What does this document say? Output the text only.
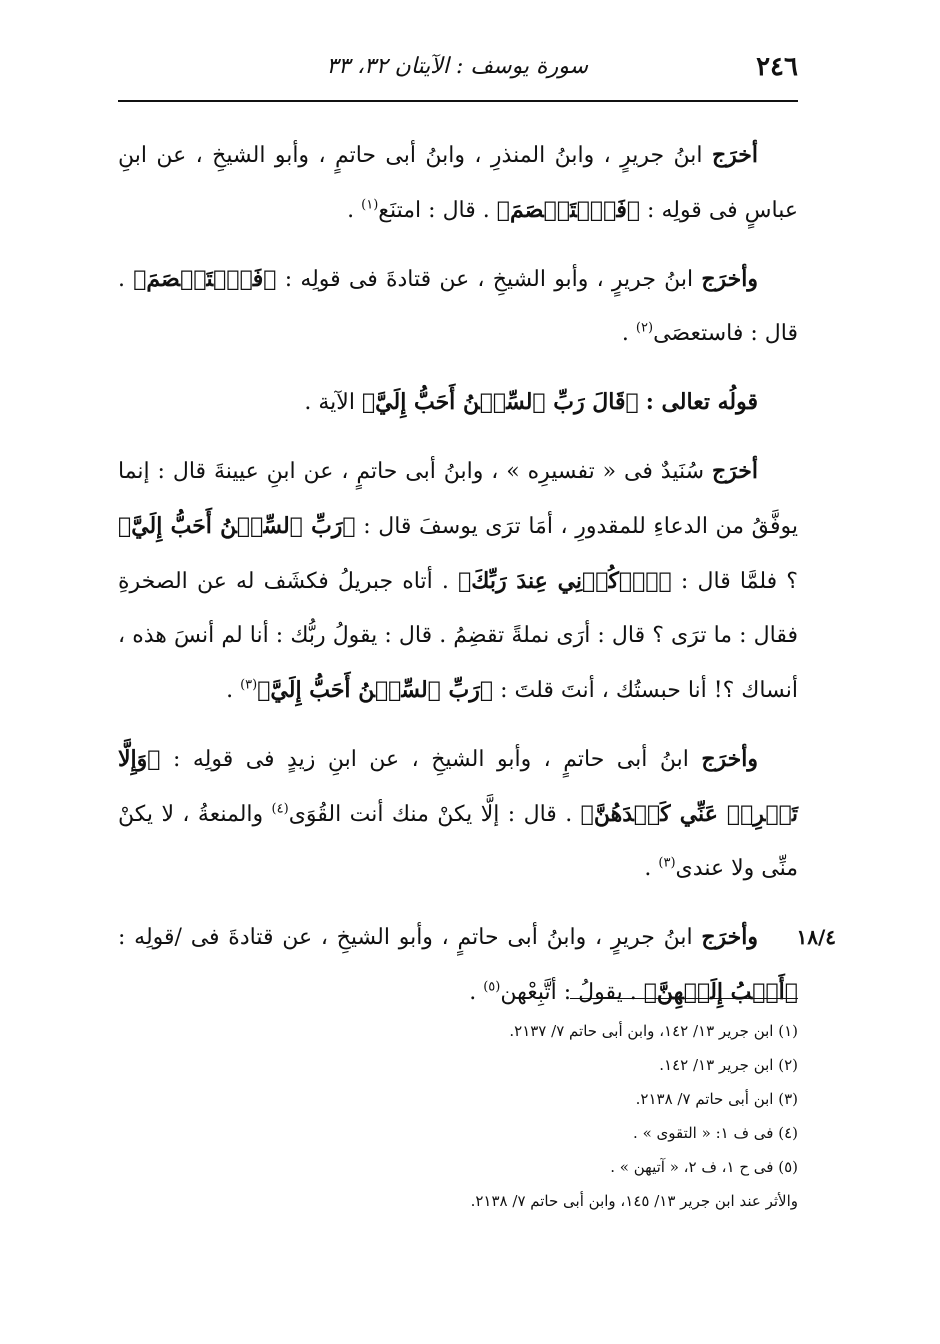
٢٤٦
سورة يوسف : الآيتان ٣٢، ٣٣

أخرَج ابنُ جريرٍ ، وابنُ المنذرِ ، وابنُ أبى حاتمٍ ، وأبو الشيخِ ، عن ابنِ عباسٍ فى قولِه : ﴿فَٱسۡتَعۡصَمَ﴾ . قال : امتنَع$^{(١)}$ .

وأخرَج ابنُ جريرٍ ، وأبو الشيخِ ، عن قتادةَ فى قولِه : ﴿فَٱسۡتَعۡصَمَ﴾ . قال : فاستعصَى$^{(٢)}$ .

قولُه تعالى : ﴿قَالَ رَبِّ ٱلسِّجۡنُ أَحَبُّ إِلَيَّ﴾ الآية .

أخرَج سُنَيدٌ فى « تفسيرِه » ، وابنُ أبى حاتمٍ ، عن ابنِ عيينةَ قال : إنما يوفَّقُ من الدعاءِ للمقدورِ ، أمَا ترَى يوسفَ قال : ﴿رَبِّ ٱلسِّجۡنُ أَحَبُّ إِلَيَّ﴾ ؟ فلمَّا قال : ﴿ٱذۡكُرۡنِي عِندَ رَبِّكَ﴾ . أتاه جبريلُ فكشَف له عن الصخرةِ فقال : ما ترَى ؟ قال : أرَى نملةً تقضِمُ . قال : يقولُ ربُّك : أنا لم أنسَ هذه ، أنساك ؟! أنا حبستُك ، أنتَ قلتَ : ﴿رَبِّ ٱلسِّجۡنُ أَحَبُّ إِلَيَّ﴾$^{(٣)}$ .

وأخرَج ابنُ أبى حاتمٍ ، وأبو الشيخِ ، عن ابنِ زيدٍ فى قولِه : ﴿وَإِلَّا تَصۡرِفۡ عَنِّي كَيۡدَهُنَّ﴾ . قال : إلَّا يكنْ منك أنت القُوَى$^{(٤)}$ والمنعةُ ، لا يكنْ منِّى ولا عندى$^{(٣)}$ .

١٨/٤
وأخرَج ابنُ جريرٍ ، وابنُ أبى حاتمٍ ، وأبو الشيخِ ، عن قتادةَ فى /قولِه : ﴿أَصۡبُ إِلَيۡهِنَّ﴾ . يقولُ : أتَّبِعْهن$^{(٥)}$ .

(١) ابن جرير ١٣/ ١٤٢، وابن أبى حاتم ٧/ ٢١٣٧.

(٢) ابن جرير ١٣/ ١٤٢.

(٣) ابن أبى حاتم ٧/ ٢١٣٨.

(٤) فى ف ١: « التقوى » .

(٥) فى ح ١، ف ٢، « آتيهن » .

والأثر عند ابن جرير ١٣/ ١٤٥، وابن أبى حاتم ٧/ ٢١٣٨.
